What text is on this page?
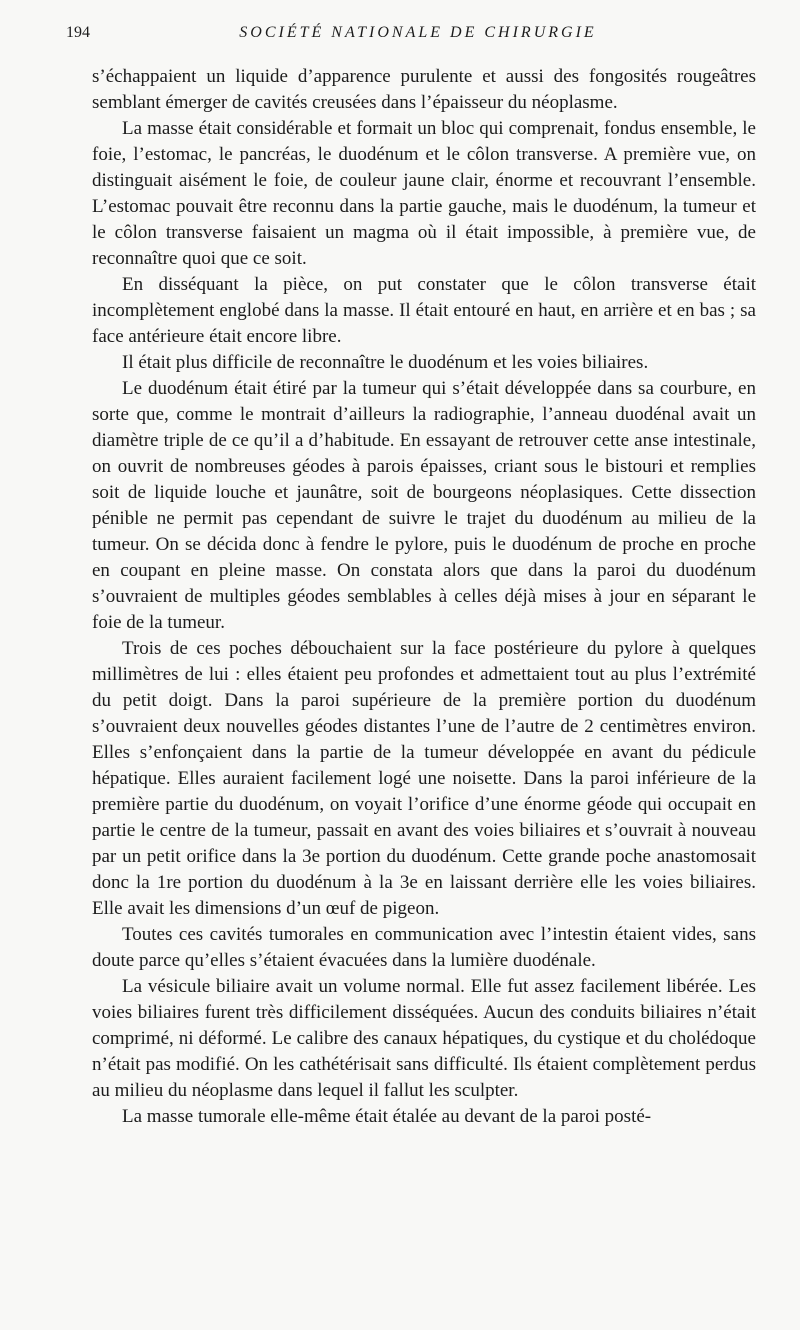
194	SOCIÉTÉ NATIONALE DE CHIRURGIE

s’échappaient un liquide d’apparence purulente et aussi des fongosités rougeâtres semblant émerger de cavités creusées dans l’épaisseur du néoplasme.

La masse était considérable et formait un bloc qui comprenait, fondus ensemble, le foie, l’estomac, le pancréas, le duodénum et le côlon transverse. A première vue, on distinguait aisément le foie, de couleur jaune clair, énorme et recouvrant l’ensemble. L’estomac pouvait être reconnu dans la partie gauche, mais le duodénum, la tumeur et le côlon transverse faisaient un magma où il était impossible, à première vue, de reconnaître quoi que ce soit.

En disséquant la pièce, on put constater que le côlon transverse était incomplètement englobé dans la masse. Il était entouré en haut, en arrière et en bas ; sa face antérieure était encore libre.

Il était plus difficile de reconnaître le duodénum et les voies biliaires.

Le duodénum était étiré par la tumeur qui s’était développée dans sa courbure, en sorte que, comme le montrait d’ailleurs la radiographie, l’anneau duodénal avait un diamètre triple de ce qu’il a d’habitude. En essayant de retrouver cette anse intestinale, on ouvrit de nombreuses géodes à parois épaisses, criant sous le bistouri et remplies soit de liquide louche et jaunâtre, soit de bourgeons néoplasiques. Cette dissection pénible ne permit pas cependant de suivre le trajet du duodénum au milieu de la tumeur. On se décida donc à fendre le pylore, puis le duodénum de proche en proche en coupant en pleine masse. On constata alors que dans la paroi du duodénum s’ouvraient de multiples géodes semblables à celles déjà mises à jour en séparant le foie de la tumeur.

Trois de ces poches débouchaient sur la face postérieure du pylore à quelques millimètres de lui : elles étaient peu profondes et admettaient tout au plus l’extrémité du petit doigt. Dans la paroi supérieure de la première portion du duodénum s’ouvraient deux nouvelles géodes distantes l’une de l’autre de 2 centimètres environ. Elles s’enfonçaient dans la partie de la tumeur développée en avant du pédicule hépatique. Elles auraient facilement logé une noisette. Dans la paroi inférieure de la première partie du duodénum, on voyait l’orifice d’une énorme géode qui occupait en partie le centre de la tumeur, passait en avant des voies biliaires et s’ouvrait à nouveau par un petit orifice dans la 3e portion du duodénum. Cette grande poche anastomosait donc la 1re portion du duodénum à la 3e en laissant derrière elle les voies biliaires. Elle avait les dimensions d’un œuf de pigeon.

Toutes ces cavités tumorales en communication avec l’intestin étaient vides, sans doute parce qu’elles s’étaient évacuées dans la lumière duodénale.

La vésicule biliaire avait un volume normal. Elle fut assez facilement libérée. Les voies biliaires furent très difficilement disséquées. Aucun des conduits biliaires n’était comprimé, ni déformé. Le calibre des canaux hépatiques, du cystique et du cholédoque n’était pas modifié. On les cathétérisait sans difficulté. Ils étaient complètement perdus au milieu du néoplasme dans lequel il fallut les sculpter.

La masse tumorale elle-même était étalée au devant de la paroi posté-
